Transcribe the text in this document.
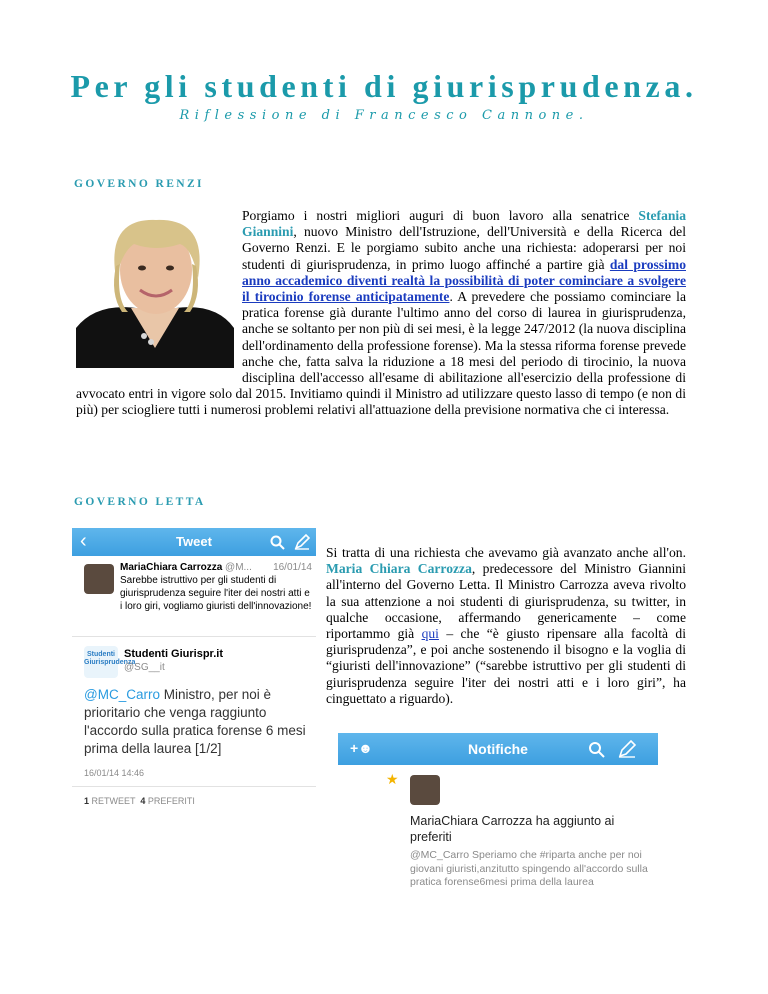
Per gli studenti di giurisprudenza.
Riflessione di Francesco Cannone.
GOVERNO RENZI
Porgiamo i nostri migliori auguri di buon lavoro alla senatrice Stefania Giannini, nuovo Ministro dell'Istruzione, dell'Università e della Ricerca del Governo Renzi. E le porgiamo subito anche una richiesta: adoperarsi per noi studenti di giurisprudenza, in primo luogo affinché a partire già dal prossimo anno accademico diventi realtà la possibilità di poter cominciare a svolgere il tirocinio forense anticipatamente. A prevedere che possiamo cominciare la pratica forense già durante l'ultimo anno del corso di laurea in giurisprudenza, anche se soltanto per non più di sei mesi, è la legge 247/2012 (la nuova disciplina dell'ordinamento della professione forense). Ma la stessa riforma forense prevede anche che, fatta salva la riduzione a 18 mesi del periodo di tirocinio, la nuova disciplina dell'accesso all'esame di abilitazione all'esercizio della professione di avvocato entri in vigore solo dal 2015. Invitiamo quindi il Ministro ad utilizzare questo lasso di tempo (e non di più) per sciogliere tutti i numerosi problemi relativi all'attuazione della previsione normativa che ci interessa.
GOVERNO LETTA
‹	Tweet
MariaChiara Carrozza @M... 16/01/14
Sarebbe istruttivo per gli studenti di giurisprudenza seguire l'iter dei nostri atti e i loro giri, vogliamo giuristi dell'innovazione!
Studenti Giurisprudenza
Studenti Giurispr.it
@SG__it
@MC_Carro Ministro, per noi è prioritario che venga raggiunto l'accordo sulla pratica forense 6 mesi prima della laurea [1/2]
16/01/14 14:46
1 RETWEET 4 PREFERITI
Si tratta di una richiesta che avevamo già avanzato anche all'on. Maria Chiara Carrozza, predecessore del Ministro Giannini all'interno del Governo Letta. Il Ministro Carrozza aveva rivolto la sua attenzione a noi studenti di giurisprudenza, su twitter, in qualche occasione, affermando genericamente – come riportammo già qui – che “è giusto ripensare alla facoltà di giurisprudenza”, e poi anche sostenendo il bisogno e la voglia di “giuristi dell'innovazione” (“sarebbe istruttivo per gli studenti di giurisprudenza seguire l'iter dei nostri atti e i loro giri”, ha cinguettato a riguardo).
+☻	Notifiche
★
MariaChiara Carrozza ha aggiunto ai preferiti
@MC_Carro Speriamo che #riparta anche per noi giovani giuristi,anzitutto spingendo all'accordo sulla pratica forense6mesi prima della laurea
